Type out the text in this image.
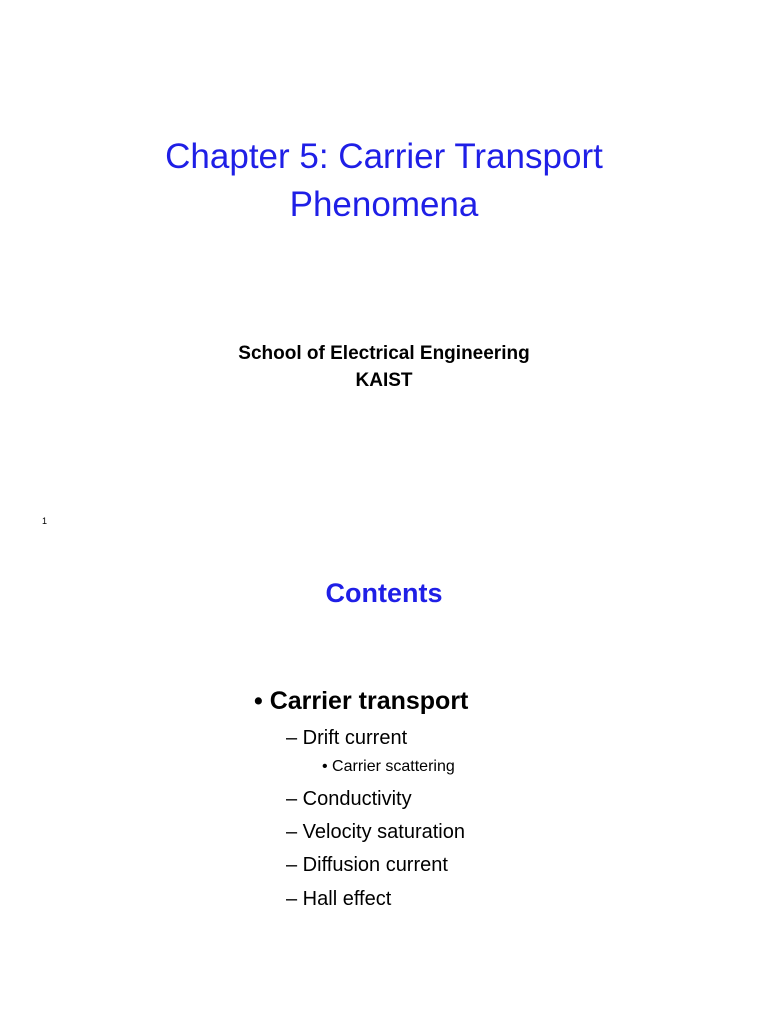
Chapter 5: Carrier Transport
Phenomena
School of Electrical Engineering
KAIST
1
Contents
• Carrier transport
– Drift current
• Carrier scattering
– Conductivity
– Velocity saturation
– Diffusion current
– Hall effect
